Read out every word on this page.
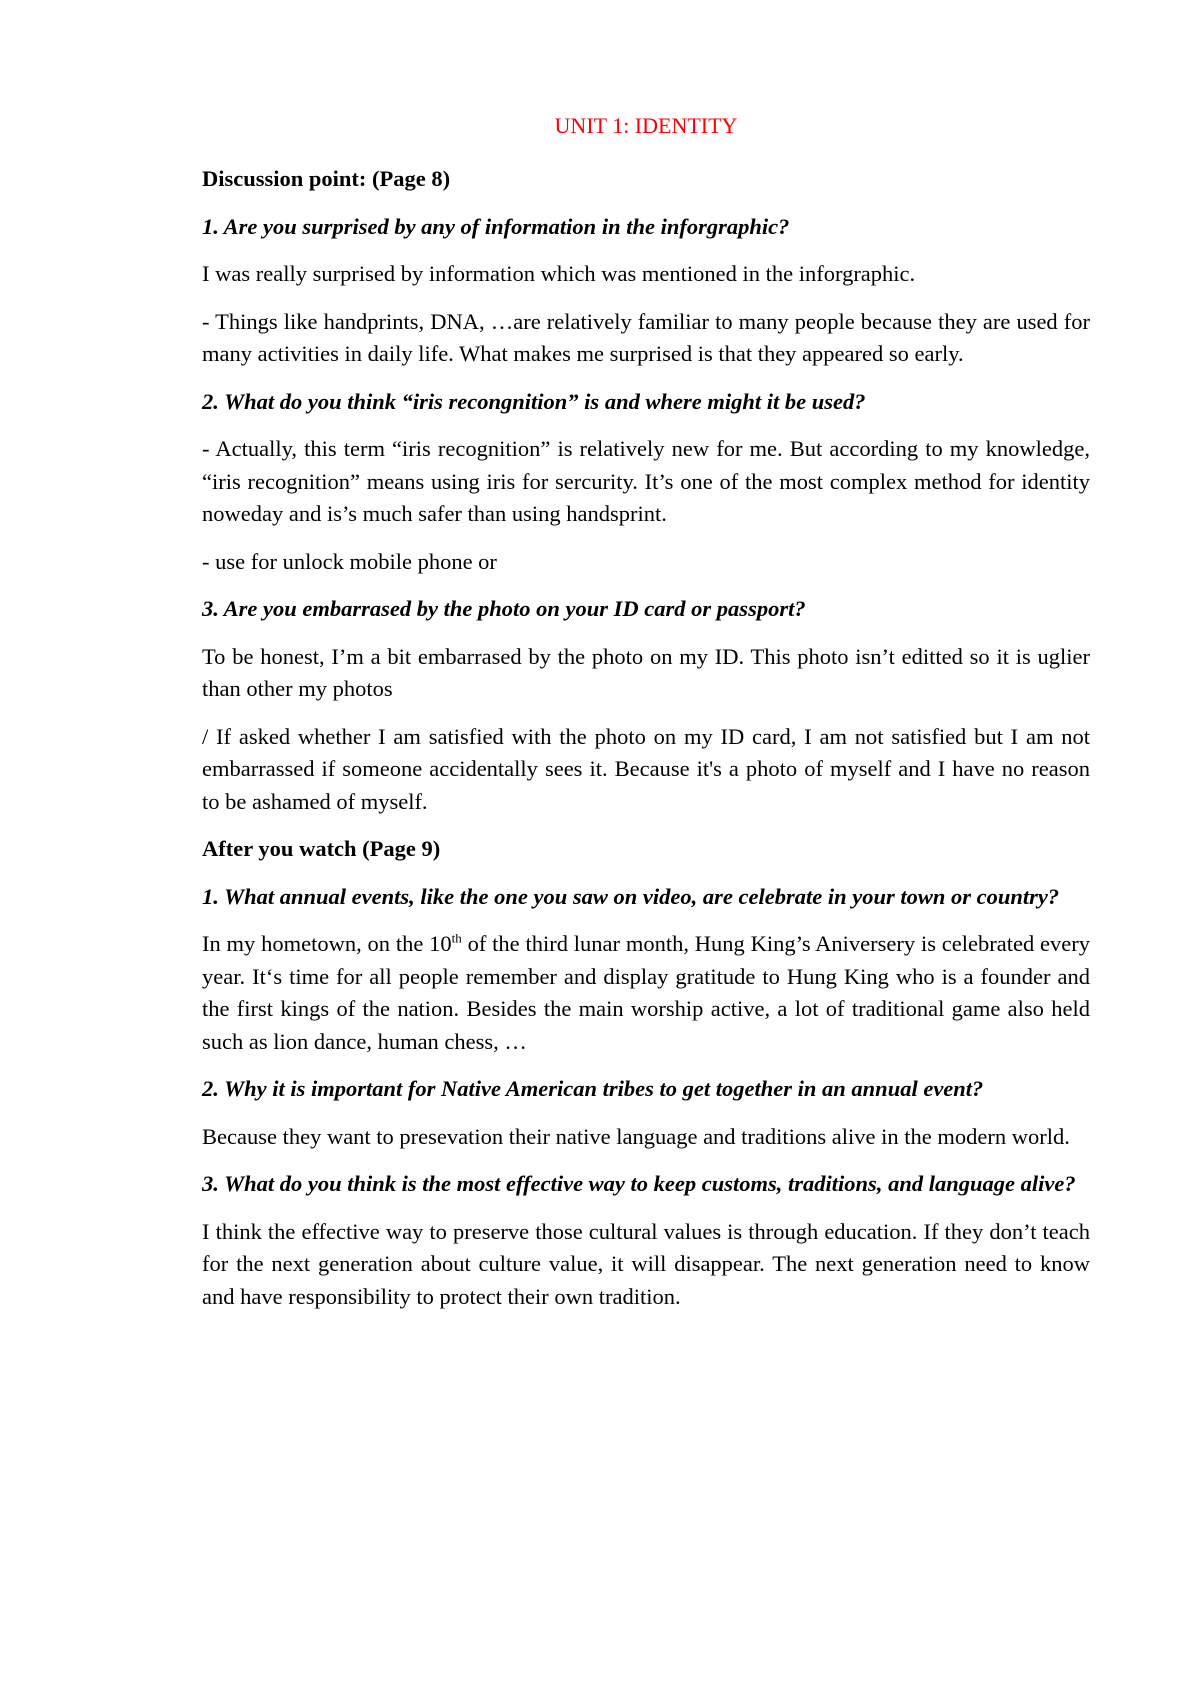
UNIT 1: IDENTITY

Discussion point: (Page 8)

1. Are you surprised by any of information in the inforgraphic?

I was really surprised by information which was mentioned in the inforgraphic.

- Things like handprints, DNA, …are relatively familiar to many people because they are used for many activities in daily life. What makes me surprised is that they appeared so early.

2. What do you think “iris recongnition” is and where might it be used?

- Actually, this term “iris recognition” is relatively new for me. But according to my knowledge, “iris recognition” means using iris for sercurity. It’s one of the most complex method for identity noweday and is’s much safer than using handsprint.

- use for unlock mobile phone or

3. Are you embarrased by the photo on your ID card or passport?

To be honest, I’m a bit embarrased by the photo on my ID. This photo isn’t editted so it is uglier than other my photos

/ If asked whether I am satisfied with the photo on my ID card, I am not satisfied but I am not embarrassed if someone accidentally sees it. Because it's a photo of myself and I have no reason to be ashamed of myself.

After you watch (Page 9)

1. What annual events, like the one you saw on video, are celebrate in your town or country?

In my hometown, on the 10th of the third lunar month, Hung King’s Aniversery is celebrated every year. It‘s time for all people remember and display gratitude to Hung King who is a founder and the first kings of the nation. Besides the main worship active, a lot of traditional game also held such as lion dance, human chess, …

2. Why it is important for Native American tribes to get together in an annual event?

Because they want to presevation their native language and traditions alive in the modern world.

3. What do you think is the most effective way to keep customs, traditions, and language alive?

I think the effective way to preserve those cultural values is through education. If they don’t teach for the next generation about culture value, it will disappear. The next generation need to know and have responsibility to protect their own tradition.
